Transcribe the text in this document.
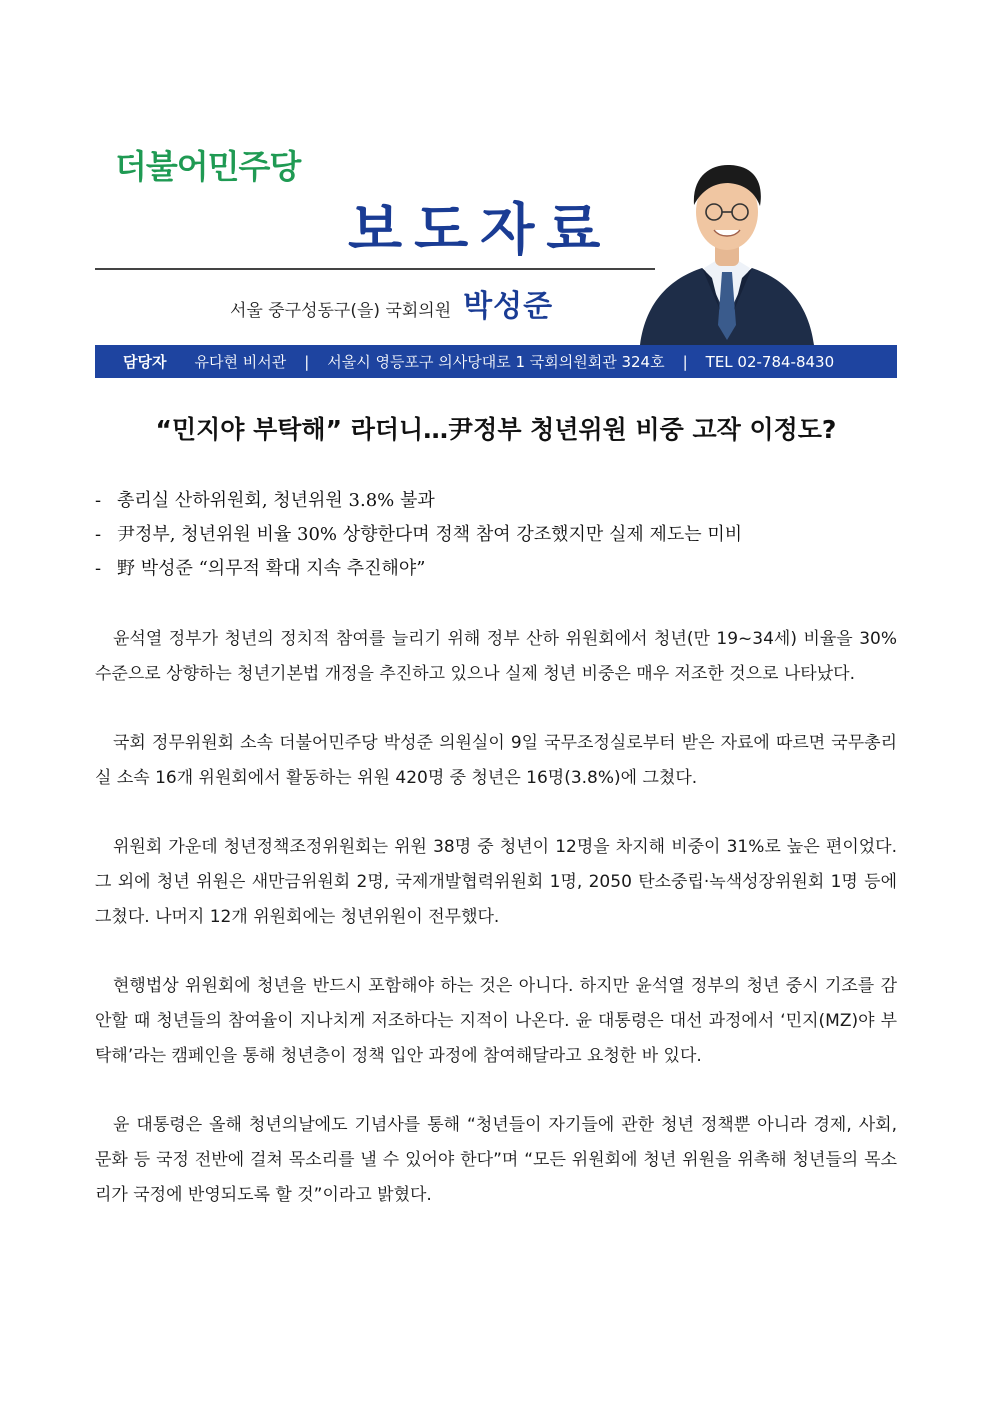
더불어민주당
보도자료
서울 중구성동구(을) 국회의원 박성준
담당자 유다현 비서관 | 서울시 영등포구 의사당대로 1 국회의원회관 324호 | TEL 02-784-8430
“민지야 부탁해” 라더니…尹정부 청년위원 비중 고작 이정도?
- 총리실 산하위원회, 청년위원 3.8% 불과
- 尹정부, 청년위원 비율 30% 상향한다며 정책 참여 강조했지만 실제 제도는 미비
- 野 박성준 “의무적 확대 지속 추진해야”

윤석열 정부가 청년의 정치적 참여를 늘리기 위해 정부 산하 위원회에서 청년(만 19~34세) 비율을 30% 수준으로 상향하는 청년기본법 개정을 추진하고 있으나 실제 청년 비중은 매우 저조한 것으로 나타났다.

국회 정무위원회 소속 더불어민주당 박성준 의원실이 9일 국무조정실로부터 받은 자료에 따르면 국무총리실 소속 16개 위원회에서 활동하는 위원 420명 중 청년은 16명(3.8%)에 그쳤다.

위원회 가운데 청년정책조정위원회는 위원 38명 중 청년이 12명을 차지해 비중이 31%로 높은 편이었다. 그 외에 청년 위원은 새만금위원회 2명, 국제개발협력위원회 1명, 2050 탄소중립·녹색성장위원회 1명 등에 그쳤다. 나머지 12개 위원회에는 청년위원이 전무했다.

현행법상 위원회에 청년을 반드시 포함해야 하는 것은 아니다. 하지만 윤석열 정부의 청년 중시 기조를 감안할 때 청년들의 참여율이 지나치게 저조하다는 지적이 나온다. 윤 대통령은 대선 과정에서 ‘민지(MZ)야 부탁해’라는 캠페인을 통해 청년층이 정책 입안 과정에 참여해달라고 요청한 바 있다.

윤 대통령은 올해 청년의날에도 기념사를 통해 “청년들이 자기들에 관한 청년 정책뿐 아니라 경제, 사회, 문화 등 국정 전반에 걸쳐 목소리를 낼 수 있어야 한다”며 “모든 위원회에 청년 위원을 위촉해 청년들의 목소리가 국정에 반영되도록 할 것”이라고 밝혔다.
